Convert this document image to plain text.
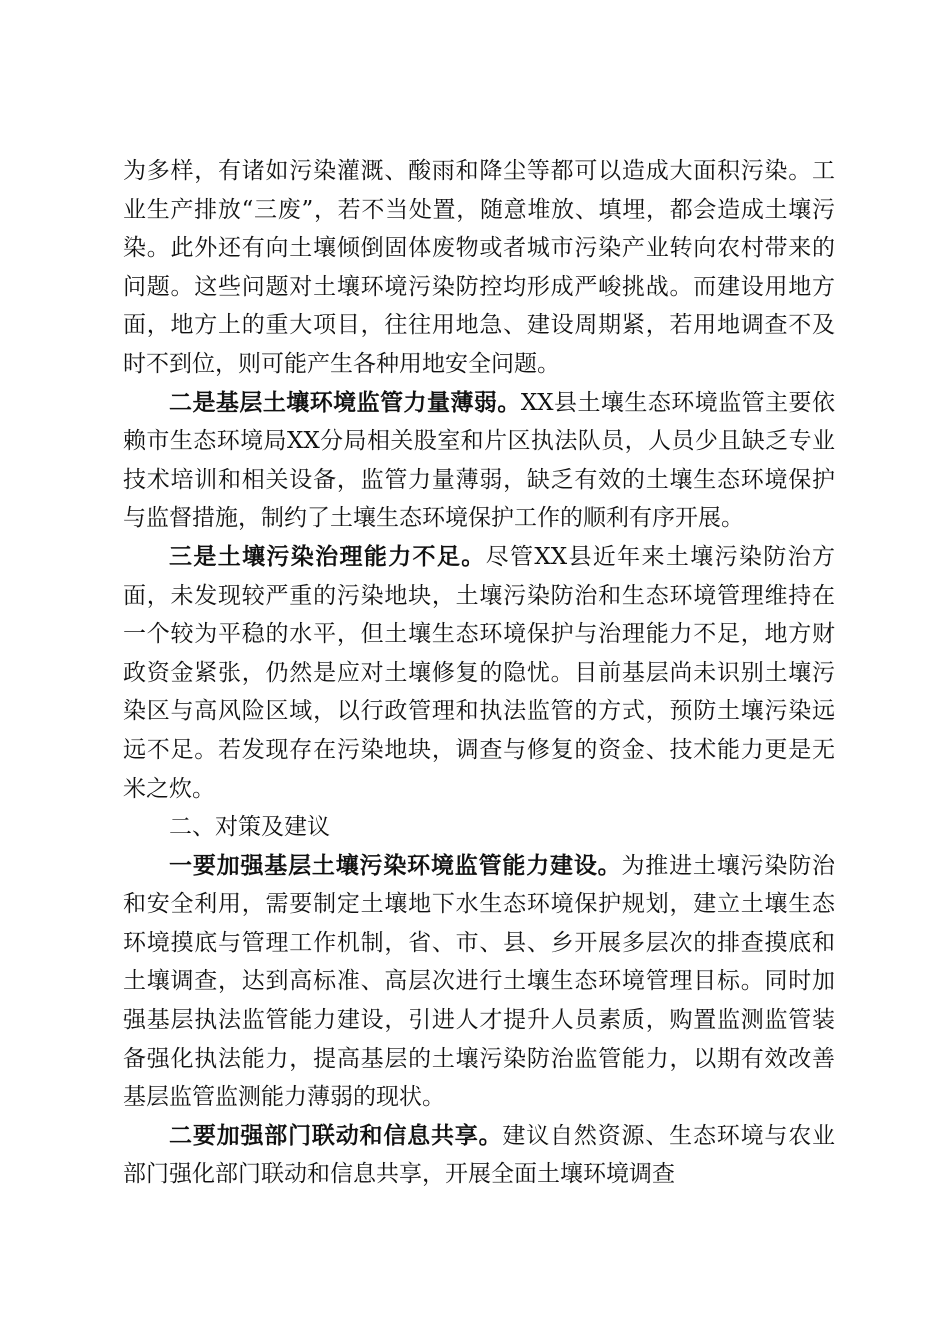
为多样，有诸如污染灌溉、酸雨和降尘等都可以造成大面积污染。工业生产排放“三废”，若不当处置，随意堆放、填埋，都会造成土壤污染。此外还有向土壤倾倒固体废物或者城市污染产业转向农村带来的问题。这些问题对土壤环境污染防控均形成严峻挑战。而建设用地方面，地方上的重大项目，往往用地急、建设周期紧，若用地调查不及时不到位，则可能产生各种用地安全问题。

二是基层土壤环境监管力量薄弱。XX县土壤生态环境监管主要依赖市生态环境局XX分局相关股室和片区执法队员，人员少且缺乏专业技术培训和相关设备，监管力量薄弱，缺乏有效的土壤生态环境保护与监督措施，制约了土壤生态环境保护工作的顺利有序开展。

三是土壤污染治理能力不足。尽管XX县近年来土壤污染防治方面，未发现较严重的污染地块，土壤污染防治和生态环境管理维持在一个较为平稳的水平，但土壤生态环境保护与治理能力不足，地方财政资金紧张，仍然是应对土壤修复的隐忧。目前基层尚未识别土壤污染区与高风险区域，以行政管理和执法监管的方式，预防土壤污染远远不足。若发现存在污染地块，调查与修复的资金、技术能力更是无米之炊。

二、对策及建议

一要加强基层土壤污染环境监管能力建设。为推进土壤污染防治和安全利用，需要制定土壤地下水生态环境保护规划，建立土壤生态环境摸底与管理工作机制，省、市、县、乡开展多层次的排查摸底和土壤调查，达到高标准、高层次进行土壤生态环境管理目标。同时加强基层执法监管能力建设，引进人才提升人员素质，购置监测监管装备强化执法能力，提高基层的土壤污染防治监管能力，以期有效改善基层监管监测能力薄弱的现状。

二要加强部门联动和信息共享。建议自然资源、生态环境与农业部门强化部门联动和信息共享，开展全面土壤环境调查
